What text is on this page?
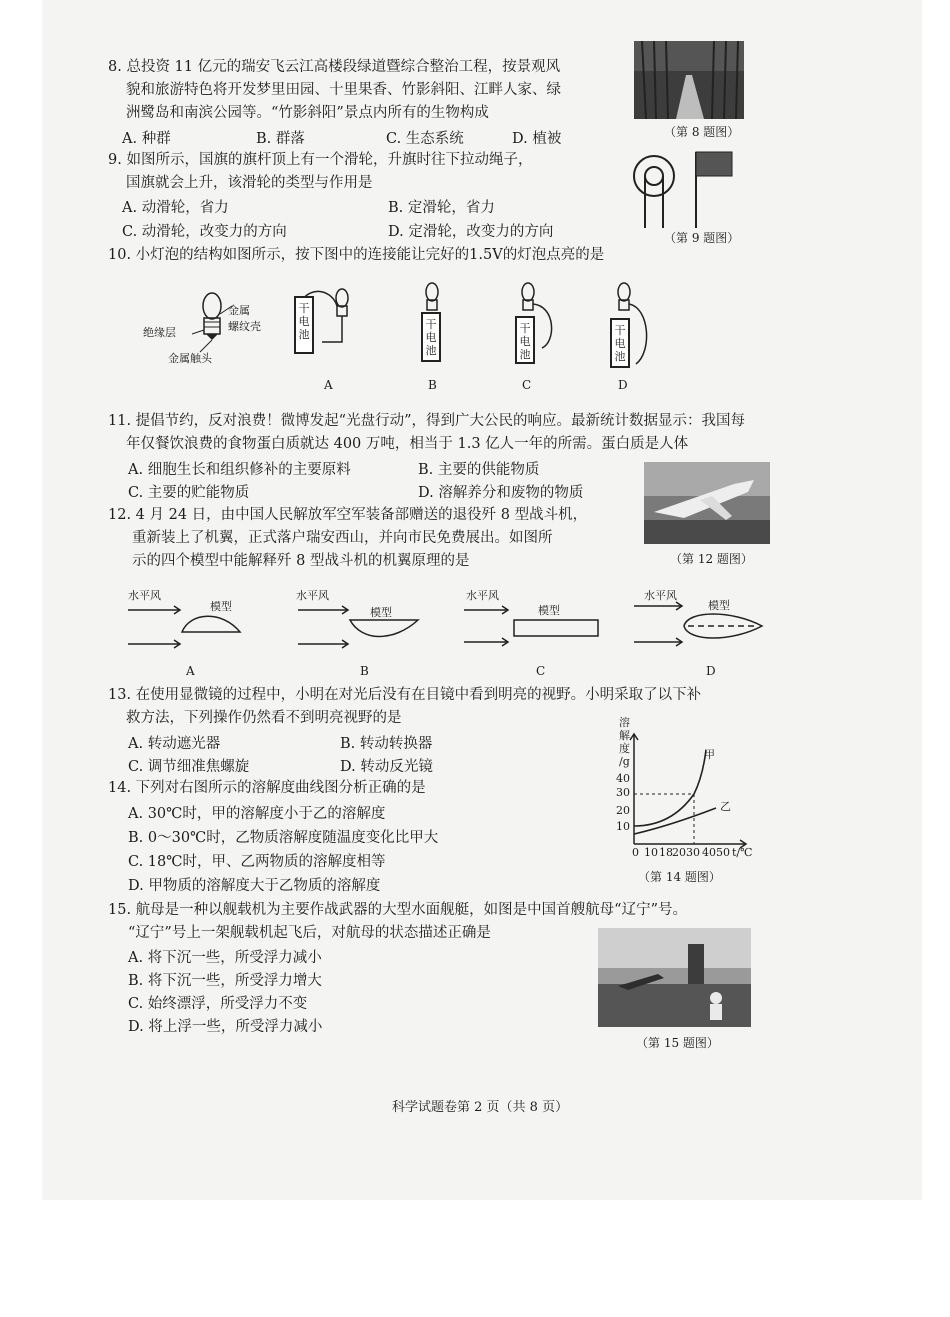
8. 总投资 11 亿元的瑞安飞云江高楼段绿道暨综合整治工程，按景观风
貌和旅游特色将开发梦里田园、十里果香、竹影斜阳、江畔人家、绿
洲鹭岛和南滨公园等。“竹影斜阳”景点内所有的生物构成
A. 种群	B. 群落	C. 生态系统	D. 植被	（第 8 题图）
9. 如图所示，国旗的旗杆顶上有一个滑轮，升旗时往下拉动绳子，
国旗就会上升，该滑轮的类型与作用是
A. 动滑轮，省力	B. 定滑轮，省力
C. 动滑轮，改变力的方向	D. 定滑轮，改变力的方向	（第 9 题图）
10. 小灯泡的结构如图所示，按下图中的连接能让完好的1.5V的灯泡点亮的是
金属
螺纹壳
绝缘层
金属触头
干
电
池
干
电
池
干
电
池
干
电
池
A	B	C	D
11. 提倡节约，反对浪费！微博发起“光盘行动”，得到广大公民的响应。最新统计数据显示：我国每
年仅餐饮浪费的食物蛋白质就达 400 万吨，相当于 1.3 亿人一年的所需。蛋白质是人体
A. 细胞生长和组织修补的主要原料	B. 主要的供能物质
C. 主要的贮能物质	D. 溶解养分和废物的物质
12. 4 月 24 日，由中国人民解放军空军装备部赠送的退役歼 8 型战斗机，
重新装上了机翼，正式落户瑞安西山，并向市民免费展出。如图所
示的四个模型中能解释歼 8 型战斗机的机翼原理的是	（第 12 题图）
水平风
模型
水平风
模型
水平风
模型
水平风
模型
A	B	C	D
13. 在使用显微镜的过程中，小明在对光后没有在目镜中看到明亮的视野。小明采取了以下补
救方法，下列操作仍然看不到明亮视野的是
A. 转动遮光器	B. 转动转换器
C. 调节细准焦螺旋	D. 转动反光镜
14. 下列对右图所示的溶解度曲线图分析正确的是
A. 30℃时，甲的溶解度小于乙的溶解度
B. 0～30℃时，乙物质溶解度随温度变化比甲大
C. 18℃时，甲、乙两物质的溶解度相等
D. 甲物质的溶解度大于乙物质的溶解度
溶
解
度
/g
40
30
20
10
0 10 18 20 30 40 50 t/℃
甲
乙
（第 14 题图）
15. 航母是一种以舰载机为主要作战武器的大型水面舰艇，如图是中国首艘航母“辽宁”号。
“辽宁”号上一架舰载机起飞后，对航母的状态描述正确是
A. 将下沉一些，所受浮力减小
B. 将下沉一些，所受浮力增大
C. 始终漂浮，所受浮力不变
D. 将上浮一些，所受浮力减小
（第 15 题图）
科学试题卷第 2 页（共 8 页）
